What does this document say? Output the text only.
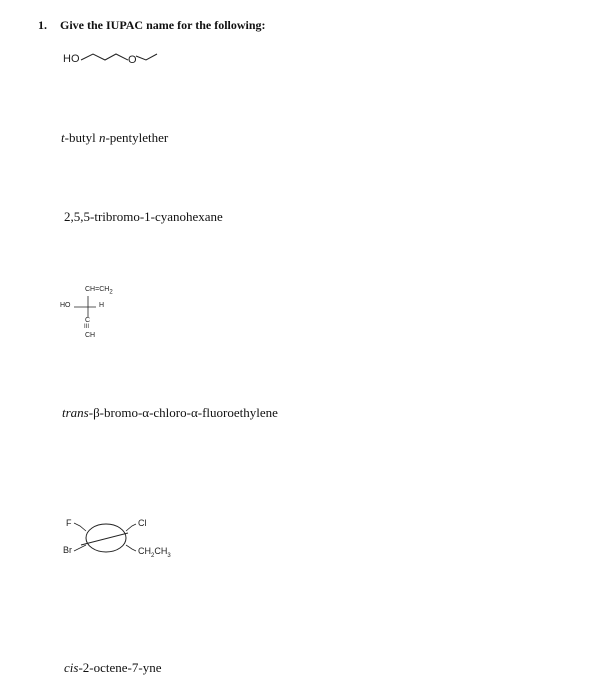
1. Give the IUPAC name for the following:
HO	O
t-butyl n-pentylether
2,5,5-tribromo-1-cyanohexane
$CH=CH_2$
HO	H
C
III
CH
trans-β-bromo-α-chloro-α-fluoroethylene
F
Br
Cl
$CH_2CH_3$
cis-2-octene-7-yne
